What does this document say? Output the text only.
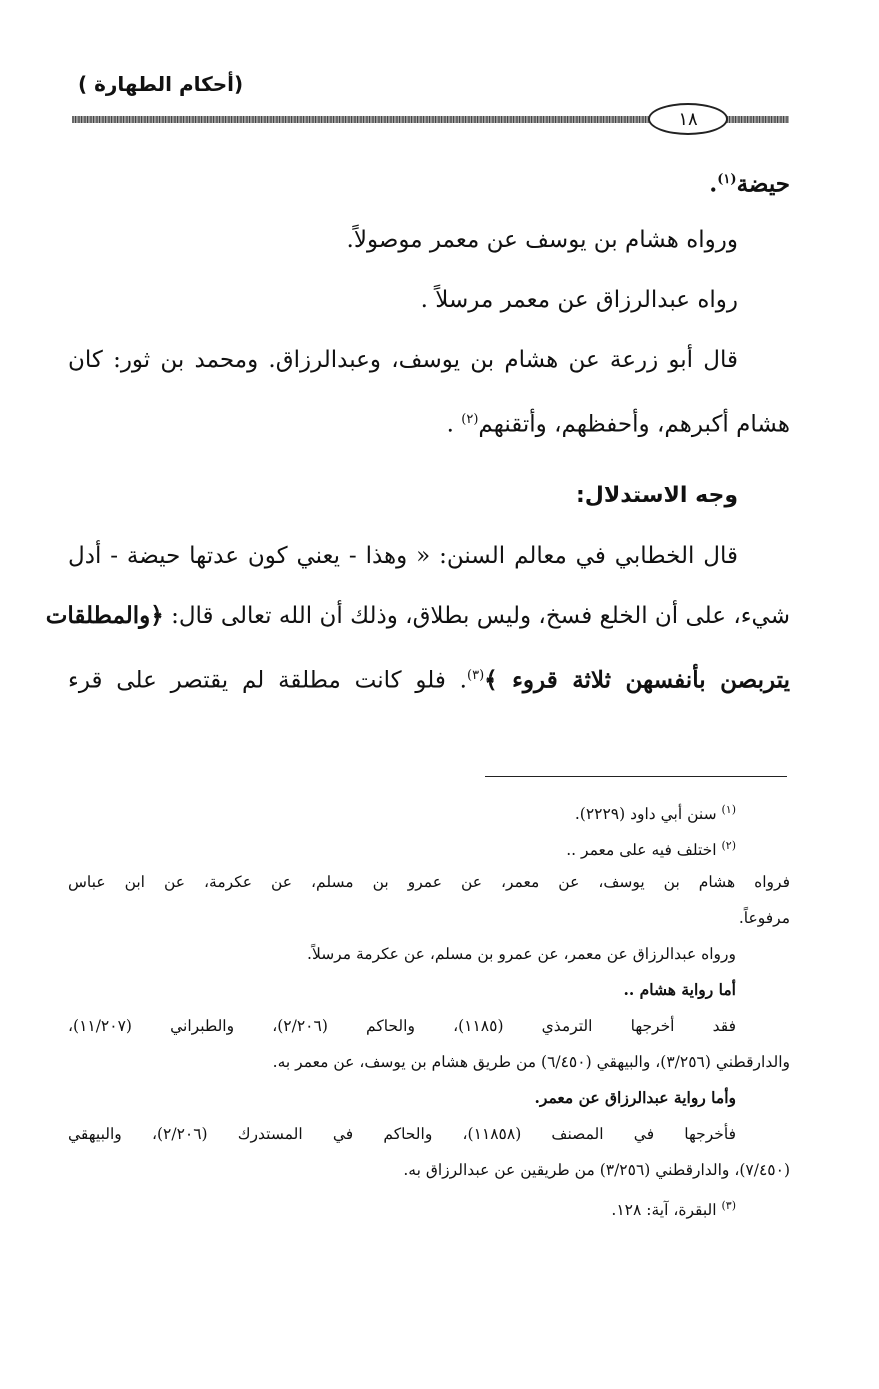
(أحكام الطهارة )
١٨
حيضة$^{(١)}$.
ورواه هشام بن يوسف عن معمر موصولاً.
رواه عبدالرزاق عن معمر مرسلاً .
قال أبو زرعة عن هشام بن يوسف، وعبدالرزاق. ومحمد بن ثور: كان
هشام أكبرهم، وأحفظهم، وأتقنهم$^{(٢)}$ .
وجه الاستدلال:
قال الخطابي في معالم السنن: « وهذا - يعني كون عدتها حيضة - أدل
شيء، على أن الخلع فسخ، وليس بطلاق، وذلك أن الله تعالى قال: ﴿والمطلقات
يتربصن بأنفسهن ثلاثة قروء ﴾$^{(٣)}$. فلو كانت مطلقة لم يقتصر على قرء
$^{(١)}$ سنن أبي داود (٢٢٢٩).
$^{(٢)}$ اختلف فيه على معمر ..
فرواه هشام بن يوسف، عن معمر، عن عمرو بن مسلم، عن عكرمة، عن ابن عباس
مرفوعاً.
ورواه عبدالرزاق عن معمر، عن عمرو بن مسلم، عن عكرمة مرسلاً.
أما رواية هشام ..
فقد أخرجها الترمذي (١١٨٥)، والحاكم (٢/٢٠٦)، والطبراني (١١/٢٠٧)،
والدارقطني (٣/٢٥٦)، والبيهقي (٦/٤٥٠) من طريق هشام بن يوسف، عن معمر به.
وأما رواية عبدالرزاق عن معمر.
فأخرجها في المصنف (١١٨٥٨)، والحاكم في المستدرك (٢/٢٠٦)، والبيهقي
(٧/٤٥٠)، والدارقطني (٣/٢٥٦) من طريقين عن عبدالرزاق به.
$^{(٣)}$ البقرة، آية: ١٢٨.
